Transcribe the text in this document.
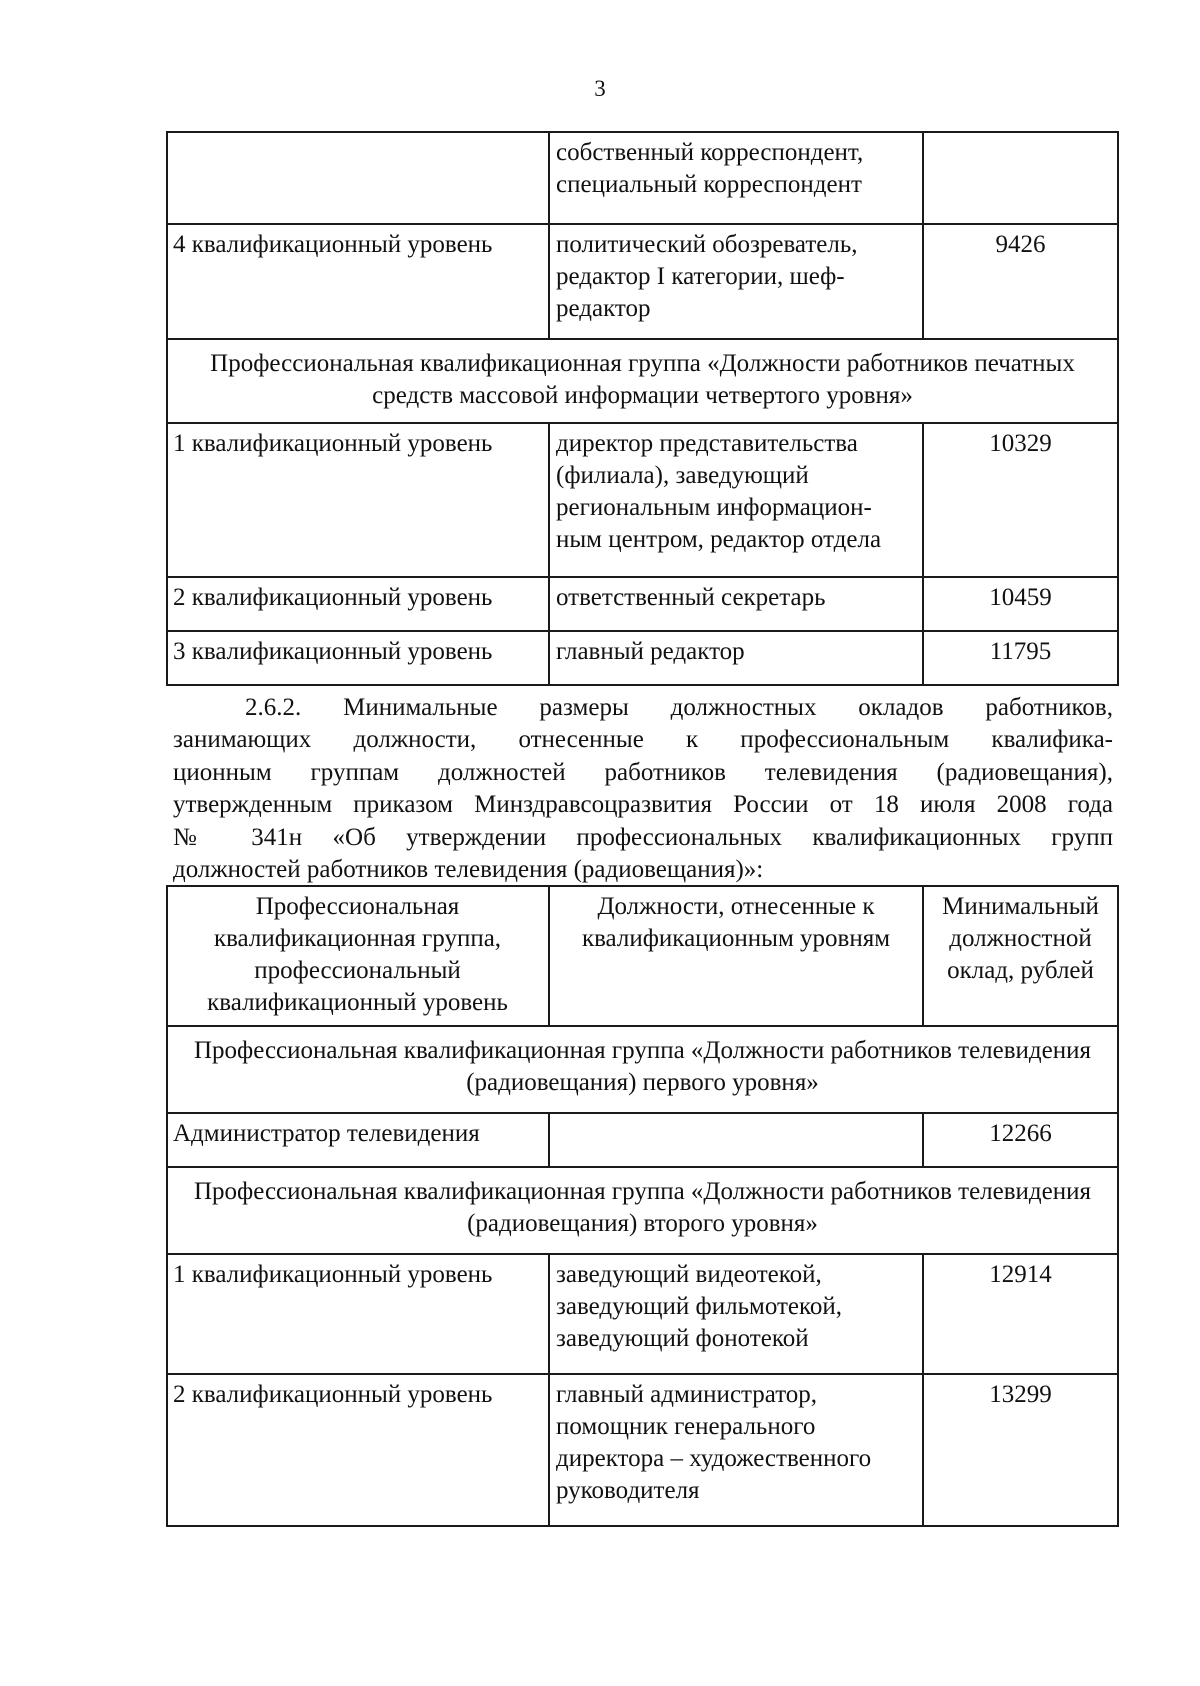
3
	собственный корреспондент, специальный корреспондент	
4 квалификационный уровень	политический обозреватель, редактор I категории, шеф-редактор	9426
Профессиональная квалификационная группа «Должности работников печатных средств массовой информации четвертого уровня»		
1 квалификационный уровень	директор представительства (филиала), заведующий региональным информацион-ным центром, редактор отдела	10329
2 квалификационный уровень	ответственный секретарь	10459
3 квалификационный уровень	главный редактор	11795
2.6.2. Минимальные размеры должностных окладов работников,
занимающих должности, отнесенные к профессиональным квалифика-
ционным группам должностей работников телевидения (радиовещания),
утвержденным приказом Минздравсоцразвития России от 18 июля 2008 года
№ 341н «Об утверждении профессиональных квалификационных групп
должностей работников телевидения (радиовещания)»:
Профессиональная квалификационная группа, профессиональный квалификационный уровень	Должности, отнесенные к квалификационным уровням	Минимальный должностной оклад, рублей
Профессиональная квалификационная группа «Должности работников телевидения (радиовещания) первого уровня»		
Администратор телевидения		12266
Профессиональная квалификационная группа «Должности работников телевидения (радиовещания) второго уровня»		
1 квалификационный уровень	заведующий видеотекой, заведующий фильмотекой, заведующий фонотекой	12914
2 квалификационный уровень	главный администратор, помощник генерального директора – художественного руководителя	13299
